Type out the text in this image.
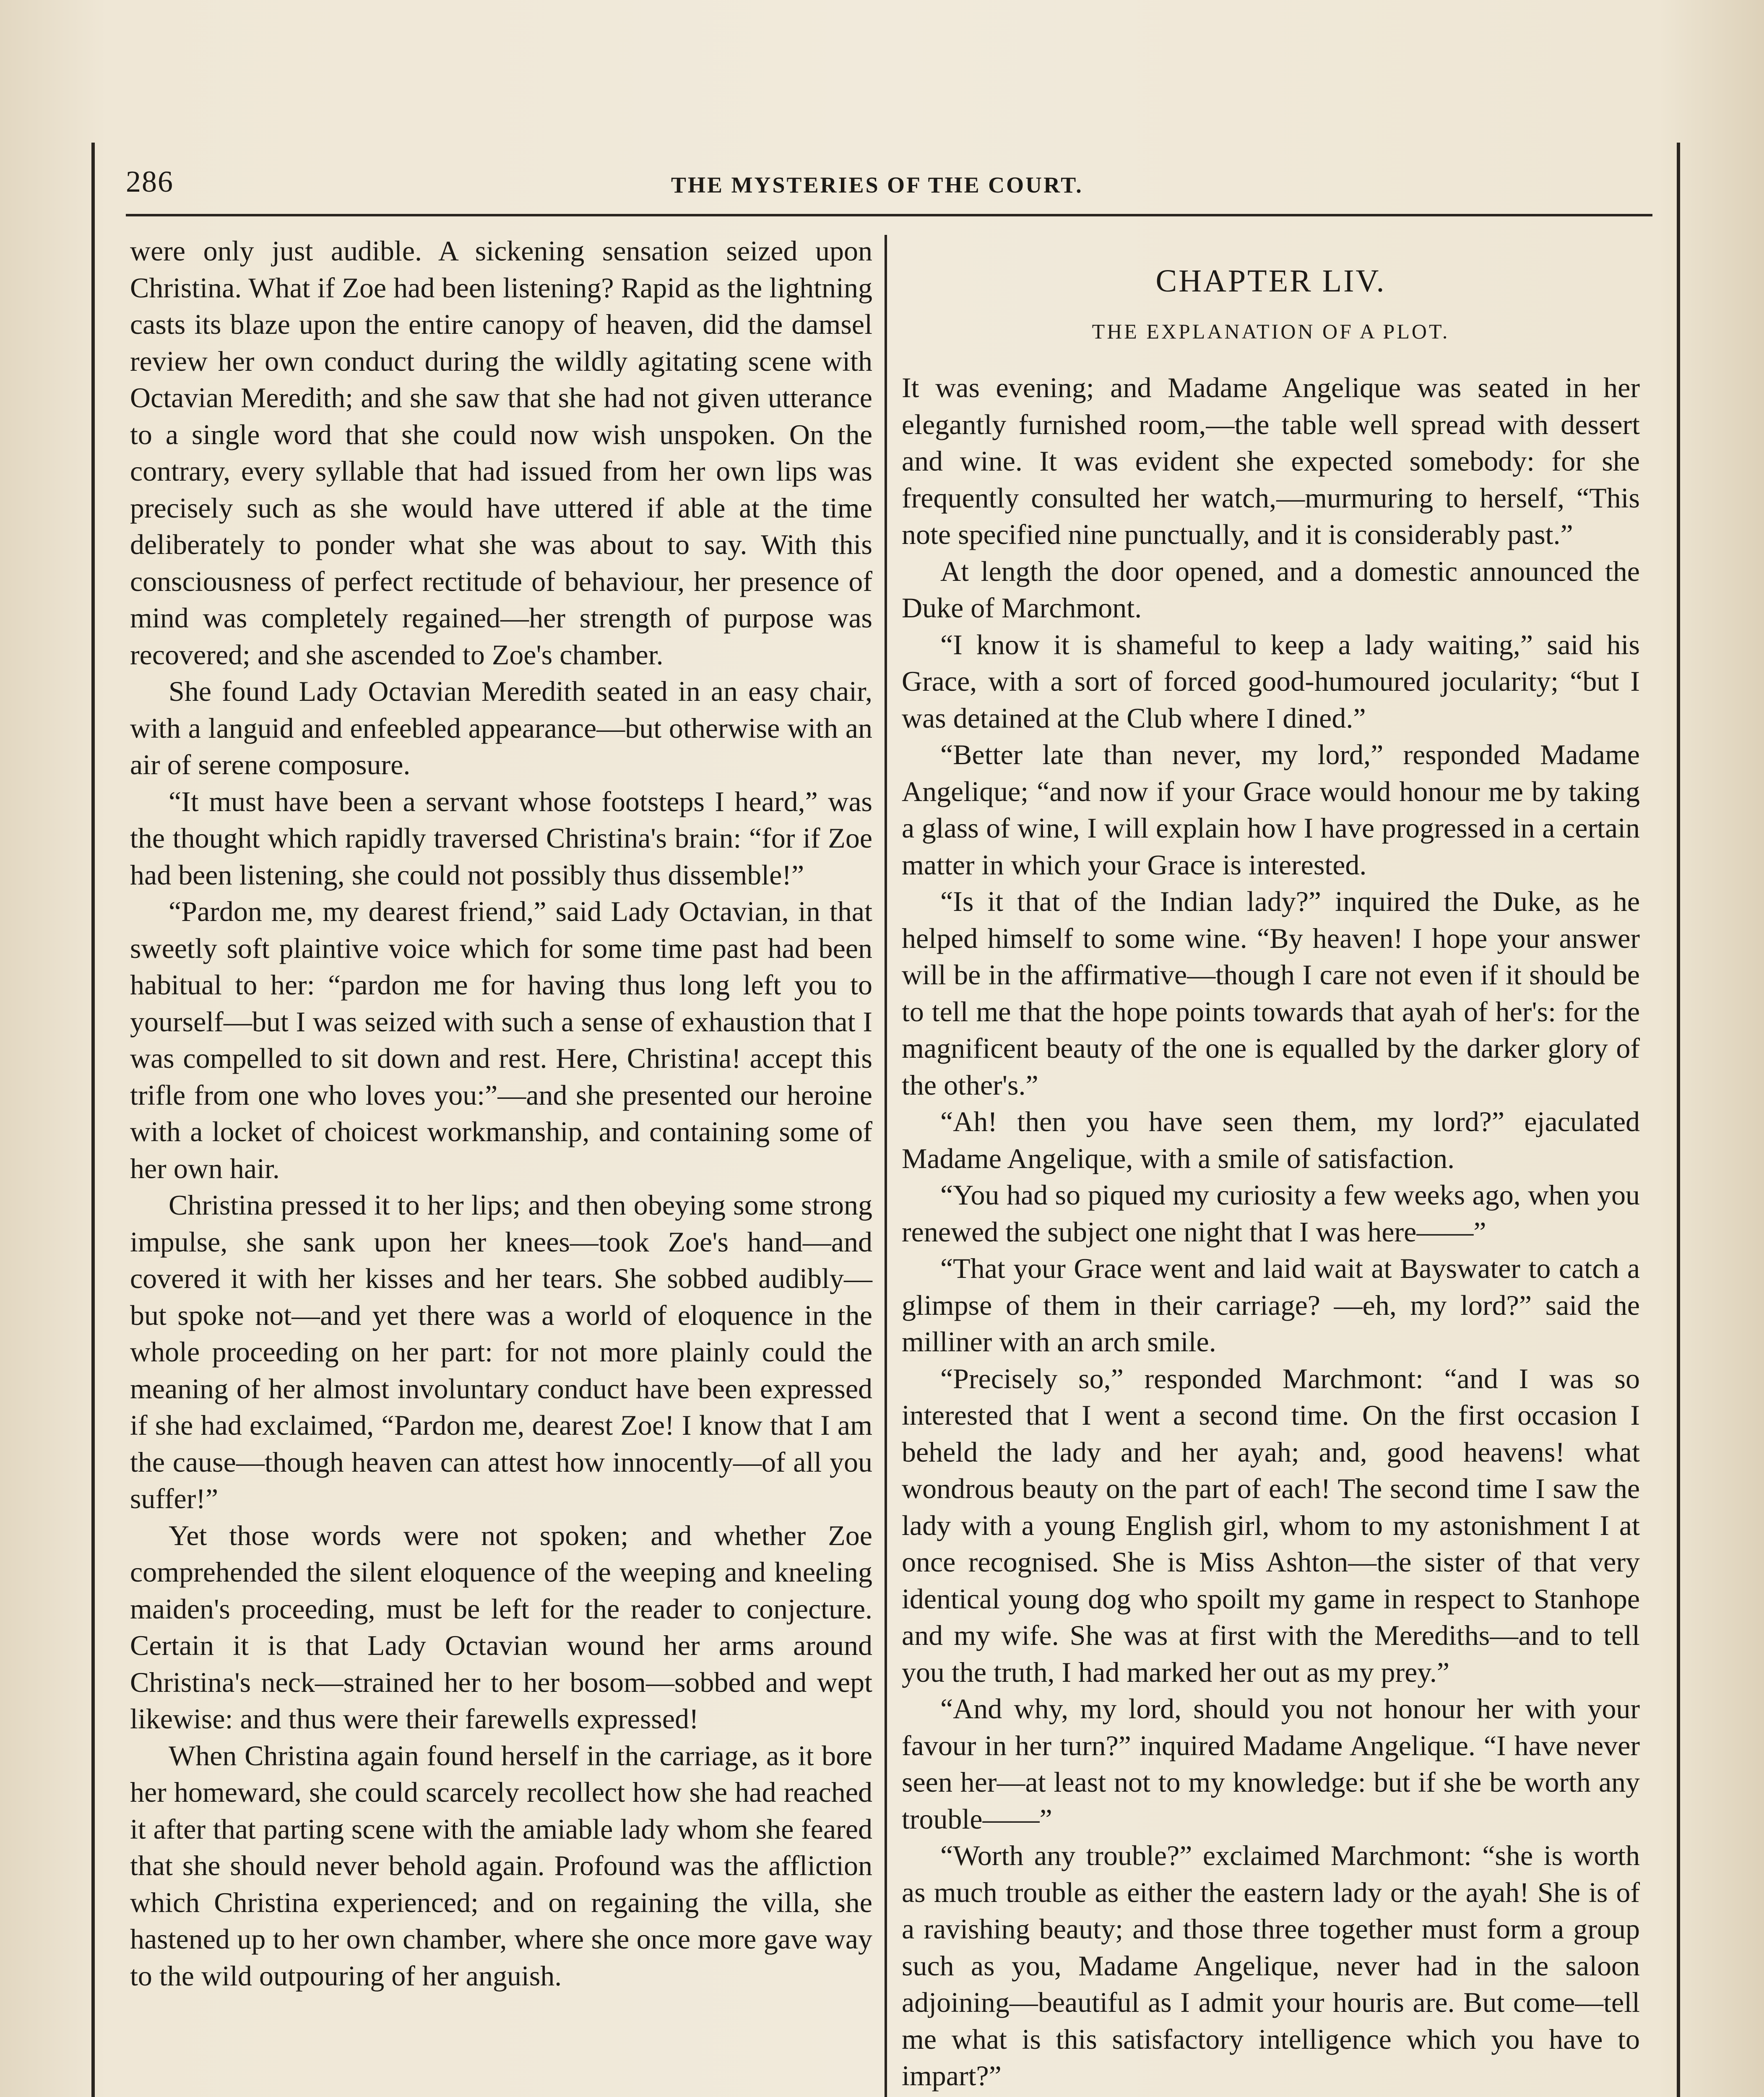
286	THE MYSTERIES OF THE COURT.

were only just audible. A sickening sensation seized upon Christina. What if Zoe had been listening? Rapid as the lightning casts its blaze upon the entire canopy of heaven, did the damsel review her own conduct during the wildly agitating scene with Octavian Meredith; and she saw that she had not given utterance to a single word that she could now wish unspoken. On the contrary, every syllable that had issued from her own lips was precisely such as she would have uttered if able at the time deliberately to ponder what she was about to say. With this consciousness of perfect rectitude of behaviour, her presence of mind was completely regained—her strength of purpose was recovered; and she ascended to Zoe's chamber.

She found Lady Octavian Meredith seated in an easy chair, with a languid and enfeebled appearance—but otherwise with an air of serene composure.

“It must have been a servant whose footsteps I heard,” was the thought which rapidly traversed Christina's brain: “for if Zoe had been listening, she could not possibly thus dissemble!”

“Pardon me, my dearest friend,” said Lady Octavian, in that sweetly soft plaintive voice which for some time past had been habitual to her: “pardon me for having thus long left you to yourself—but I was seized with such a sense of exhaustion that I was compelled to sit down and rest. Here, Christina! accept this trifle from one who loves you:”—and she presented our heroine with a locket of choicest workmanship, and containing some of her own hair.

Christina pressed it to her lips; and then obeying some strong impulse, she sank upon her knees—took Zoe's hand—and covered it with her kisses and her tears. She sobbed audibly—but spoke not—and yet there was a world of eloquence in the whole proceeding on her part: for not more plainly could the meaning of her almost involuntary conduct have been expressed if she had exclaimed, “Pardon me, dearest Zoe! I know that I am the cause—though heaven can attest how innocently—of all you suffer!”

Yet those words were not spoken; and whether Zoe comprehended the silent eloquence of the weeping and kneeling maiden's proceeding, must be left for the reader to conjecture. Certain it is that Lady Octavian wound her arms around Christina's neck—strained her to her bosom—sobbed and wept likewise: and thus were their farewells expressed!

When Christina again found herself in the carriage, as it bore her homeward, she could scarcely recollect how she had reached it after that parting scene with the amiable lady whom she feared that she should never behold again. Profound was the affliction which Christina experienced; and on regaining the villa, she hastened up to her own chamber, where she once more gave way to the wild outpouring of her anguish.

CHAPTER LIV.
THE EXPLANATION OF A PLOT.

It was evening; and Madame Angelique was seated in her elegantly furnished room,—the table well spread with dessert and wine. It was evident she expected somebody: for she frequently consulted her watch,—murmuring to herself, “This note specified nine punctually, and it is considerably past.”

At length the door opened, and a domestic announced the Duke of Marchmont.

“I know it is shameful to keep a lady waiting,” said his Grace, with a sort of forced good-humoured jocularity; “but I was detained at the Club where I dined.”

“Better late than never, my lord,” responded Madame Angelique; “and now if your Grace would honour me by taking a glass of wine, I will explain how I have progressed in a certain matter in which your Grace is interested.

“Is it that of the Indian lady?” inquired the Duke, as he helped himself to some wine. “By heaven! I hope your answer will be in the affirmative—though I care not even if it should be to tell me that the hope points towards that ayah of her's: for the magnificent beauty of the one is equalled by the darker glory of the other's.”

“Ah! then you have seen them, my lord?” ejaculated Madame Angelique, with a smile of satisfaction.

“You had so piqued my curiosity a few weeks ago, when you renewed the subject one night that I was here——”

“That your Grace went and laid wait at Bayswater to catch a glimpse of them in their carriage? —eh, my lord?” said the milliner with an arch smile.

“Precisely so,” responded Marchmont: “and I was so interested that I went a second time. On the first occasion I beheld the lady and her ayah; and, good heavens! what wondrous beauty on the part of each! The second time I saw the lady with a young English girl, whom to my astonishment I at once recognised. She is Miss Ashton—the sister of that very identical young dog who spoilt my game in respect to Stanhope and my wife. She was at first with the Merediths—and to tell you the truth, I had marked her out as my prey.”

“And why, my lord, should you not honour her with your favour in her turn?” inquired Madame Angelique. “I have never seen her—at least not to my knowledge: but if she be worth any trouble——”

“Worth any trouble?” exclaimed Marchmont: “she is worth as much trouble as either the eastern lady or the ayah! She is of a ravishing beauty; and those three together must form a group such as you, Madame Angelique, never had in the saloon adjoining—beautiful as I admit your houris are. But come—tell me what is this satisfactory intelligence which you have to impart?”
